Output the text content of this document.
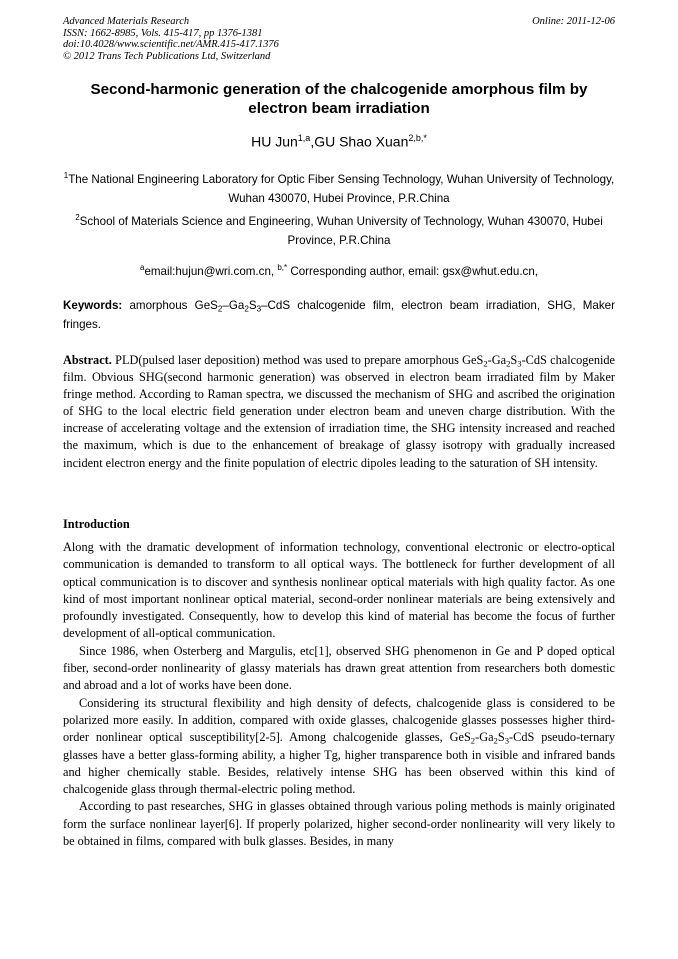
Advanced Materials Research
ISSN: 1662-8985, Vols. 415-417, pp 1376-1381
doi:10.4028/www.scientific.net/AMR.415-417.1376
© 2012 Trans Tech Publications Ltd, Switzerland
Online: 2011-12-06
Second-harmonic generation of the chalcogenide amorphous film by electron beam irradiation
HU Jun$^{1,a}$,GU Shao Xuan$^{2,b,*}$
$^1$The National Engineering Laboratory for Optic Fiber Sensing Technology, Wuhan University of Technology, Wuhan 430070, Hubei Province, P.R.China
$^2$School of Materials Science and Engineering, Wuhan University of Technology, Wuhan 430070, Hubei Province, P.R.China
$^a$email:hujun@wri.com.cn, $^{b,*}$ Corresponding author, email: gsx@whut.edu.cn,
Keywords: amorphous $GeS_2-Ga_2S_3$–CdS chalcogenide film, electron beam irradiation, SHG, Maker fringes.
Abstract. PLD(pulsed laser deposition) method was used to prepare amorphous $GeS_2-Ga_2S_3$-CdS chalcogenide film. Obvious SHG(second harmonic generation) was observed in electron beam irradiated film by Maker fringe method. According to Raman spectra, we discussed the mechanism of SHG and ascribed the origination of SHG to the local electric field generation under electron beam and uneven charge distribution. With the increase of accelerating voltage and the extension of irradiation time, the SHG intensity increased and reached the maximum, which is due to the enhancement of breakage of glassy isotropy with gradually increased incident electron energy and the finite population of electric dipoles leading to the saturation of SH intensity.
Introduction

Along with the dramatic development of information technology, conventional electronic or electro-optical communication is demanded to transform to all optical ways. The bottleneck for further development of all optical communication is to discover and synthesis nonlinear optical materials with high quality factor. As one kind of most important nonlinear optical material, second-order nonlinear materials are being extensively and profoundly investigated. Consequently, how to develop this kind of material has become the focus of further development of all-optical communication.

Since 1986, when Osterberg and Margulis, etc[1], observed SHG phenomenon in Ge and P doped optical fiber, second-order nonlinearity of glassy materials has drawn great attention from researchers both domestic and abroad and a lot of works have been done.

Considering its structural flexibility and high density of defects, chalcogenide glass is considered to be polarized more easily. In addition, compared with oxide glasses, chalcogenide glasses possesses higher third-order nonlinear optical susceptibility[2-5]. Among chalcogenide glasses, $GeS_2-Ga_2S_3$-CdS pseudo-ternary glasses have a better glass-forming ability, a higher Tg, higher transparence both in visible and infrared bands and higher chemically stable. Besides, relatively intense SHG has been observed within this kind of chalcogenide glass through thermal-electric poling method.

According to past researches, SHG in glasses obtained through various poling methods is mainly originated form the surface nonlinear layer[6]. If properly polarized, higher second-order nonlinearity will very likely to be obtained in films, compared with bulk glasses. Besides, in many
